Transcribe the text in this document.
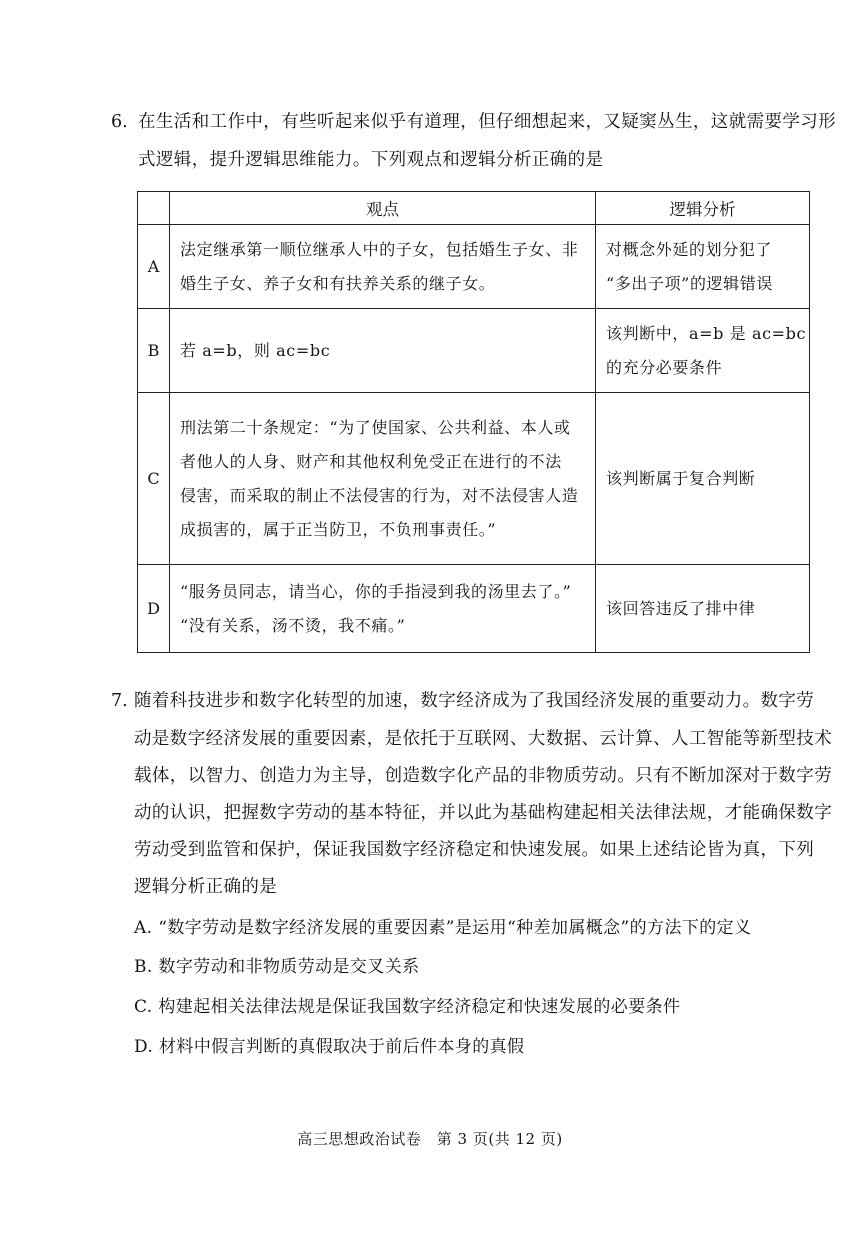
6. 在生活和工作中，有些听起来似乎有道理，但仔细想起来，又疑窦丛生，这就需要学习形
式逻辑，提升逻辑思维能力。下列观点和逻辑分析正确的是
	观点	逻辑分析
A	法定继承第一顺位继承人中的子女，包括婚生子女、非
婚生子女、养子女和有扶养关系的继子女。	对概念外延的划分犯了
“多出子项”的逻辑错误

B	若 a=b，则 ac=bc	该判断中，a=b 是 ac=bc
的充分必要条件

C	刑法第二十条规定：“为了使国家、公共利益、本人或
者他人的人身、财产和其他权利免受正在进行的不法
侵害，而采取的制止不法侵害的行为，对不法侵害人造
成损害的，属于正当防卫，不负刑事责任。”	该判断属于复合判断

D	“服务员同志，请当心，你的手指浸到我的汤里去了。”
“没有关系，汤不烫，我不痛。”	该回答违反了排中律
7. 随着科技进步和数字化转型的加速，数字经济成为了我国经济发展的重要动力。数字劳
动是数字经济发展的重要因素，是依托于互联网、大数据、云计算、人工智能等新型技术
载体，以智力、创造力为主导，创造数字化产品的非物质劳动。只有不断加深对于数字劳
动的认识，把握数字劳动的基本特征，并以此为基础构建起相关法律法规，才能确保数字
劳动受到监管和保护，保证我国数字经济稳定和快速发展。如果上述结论皆为真，下列
逻辑分析正确的是
A. “数字劳动是数字经济发展的重要因素”是运用“种差加属概念”的方法下的定义
B. 数字劳动和非物质劳动是交叉关系
C. 构建起相关法律法规是保证我国数字经济稳定和快速发展的必要条件
D. 材料中假言判断的真假取决于前后件本身的真假
高三思想政治试卷　第 3 页(共 12 页)
